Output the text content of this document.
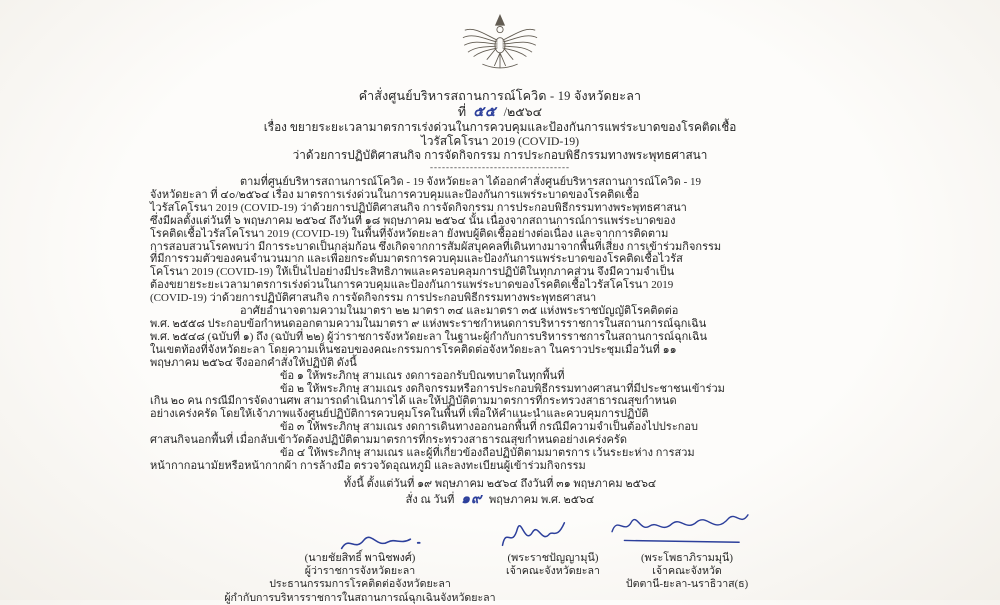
คำสั่งศูนย์บริหารสถานการณ์โควิด - 19 จังหวัดยะลา
ที่ ๕๕ /๒๕๖๔
เรื่อง ขยายระยะเวลามาตรการเร่งด่วนในการควบคุมและป้องกันการแพร่ระบาดของโรคติดเชื้อ
ไวรัสโคโรนา 2019 (COVID-19)
ว่าด้วยการปฏิบัติศาสนกิจ การจัดกิจกรรม การประกอบพิธีกรรมทางพระพุทธศาสนา
-----------------------------------
ตามที่ศูนย์บริหารสถานการณ์โควิด - 19 จังหวัดยะลา ได้ออกคำสั่งศูนย์บริหารสถานการณ์โควิด - 19
จังหวัดยะลา ที่ ๔๐/๒๕๖๔ เรื่อง มาตรการเร่งด่วนในการควบคุมและป้องกันการแพร่ระบาดของโรคติดเชื้อ
ไวรัสโคโรนา 2019 (COVID-19) ว่าด้วยการปฏิบัติศาสนกิจ การจัดกิจกรรม การประกอบพิธีกรรมทางพระพุทธศาสนา
ซึ่งมีผลตั้งแต่วันที่ ๖ พฤษภาคม ๒๕๖๔ ถึงวันที่ ๑๘ พฤษภาคม ๒๕๖๔ นั้น เนื่องจากสถานการณ์การแพร่ระบาดของ
โรคติดเชื้อไวรัสโคโรนา 2019 (COVID-19) ในพื้นที่จังหวัดยะลา ยังพบผู้ติดเชื้ออย่างต่อเนื่อง และจากการติดตาม
การสอบสวนโรคพบว่า มีการระบาดเป็นกลุ่มก้อน ซึ่งเกิดจากการสัมผัสบุคคลที่เดินทางมาจากพื้นที่เสี่ยง การเข้าร่วมกิจกรรม
ที่มีการรวมตัวของคนจำนวนมาก และเพื่อยกระดับมาตรการควบคุมและป้องกันการแพร่ระบาดของโรคติดเชื้อไวรัส
โคโรนา 2019 (COVID-19) ให้เป็นไปอย่างมีประสิทธิภาพและครอบคลุมการปฏิบัติในทุกภาคส่วน จึงมีความจำเป็น
ต้องขยายระยะเวลามาตรการเร่งด่วนในการควบคุมและป้องกันการแพร่ระบาดของโรคติดเชื้อไวรัสโคโรนา 2019
(COVID-19) ว่าด้วยการปฏิบัติศาสนกิจ การจัดกิจกรรม การประกอบพิธีกรรมทางพระพุทธศาสนา
อาศัยอำนาจตามความในมาตรา ๒๒ มาตรา ๓๔ และมาตรา ๓๕ แห่งพระราชบัญญัติโรคติดต่อ
พ.ศ. ๒๕๕๘ ประกอบข้อกำหนดออกตามความในมาตรา ๙ แห่งพระราชกำหนดการบริหารราชการในสถานการณ์ฉุกเฉิน
พ.ศ. ๒๕๔๘ (ฉบับที่ ๑) ถึง (ฉบับที่ ๒๒) ผู้ว่าราชการจังหวัดยะลา ในฐานะผู้กำกับการบริหารราชการในสถานการณ์ฉุกเฉิน
ในเขตท้องที่จังหวัดยะลา โดยความเห็นชอบของคณะกรรมการโรคติดต่อจังหวัดยะลา ในคราวประชุมเมื่อวันที่ ๑๑
พฤษภาคม ๒๕๖๔ จึงออกคำสั่งให้ปฏิบัติ ดังนี้
ข้อ ๑ ให้พระภิกษุ สามเณร งดการออกรับบิณฑบาตในทุกพื้นที่
ข้อ ๒ ให้พระภิกษุ สามเณร งดกิจกรรมหรือการประกอบพิธีกรรมทางศาสนาที่มีประชาชนเข้าร่วม
เกิน ๒๐ คน กรณีมีการจัดงานศพ สามารถดำเนินการได้ และให้ปฏิบัติตามมาตรการที่กระทรวงสาธารณสุขกำหนด
อย่างเคร่งครัด โดยให้เจ้าภาพแจ้งศูนย์ปฏิบัติการควบคุมโรคในพื้นที่ เพื่อให้คำแนะนำและควบคุมการปฏิบัติ
ข้อ ๓ ให้พระภิกษุ สามเณร งดการเดินทางออกนอกพื้นที่ กรณีมีความจำเป็นต้องไปประกอบ
ศาสนกิจนอกพื้นที่ เมื่อกลับเข้าวัดต้องปฏิบัติตามมาตรการที่กระทรวงสาธารณสุขกำหนดอย่างเคร่งครัด
ข้อ ๔ ให้พระภิกษุ สามเณร และผู้ที่เกี่ยวข้องถือปฏิบัติตามมาตรการ เว้นระยะห่าง การสวม
หน้ากากอนามัยหรือหน้ากากผ้า การล้างมือ ตรวจวัดอุณหภูมิ และลงทะเบียนผู้เข้าร่วมกิจกรรม
ทั้งนี้ ตั้งแต่วันที่ ๑๙ พฤษภาคม ๒๕๖๔ ถึงวันที่ ๓๑ พฤษภาคม ๒๕๖๔
สั่ง ณ วันที่ ๑๙ พฤษภาคม พ.ศ. ๒๕๖๔
(นายชัยสิทธิ์ พานิชพงศ์)
ผู้ว่าราชการจังหวัดยะลา
ประธานกรรมการโรคติดต่อจังหวัดยะลา
ผู้กำกับการบริหารราชการในสถานการณ์ฉุกเฉินจังหวัดยะลา
(พระราชปัญญามุนี)
เจ้าคณะจังหวัดยะลา
(พระโพธาภิรามมุนี)
เจ้าคณะจังหวัด
ปัตตานี-ยะลา-นราธิวาส(ธ)
